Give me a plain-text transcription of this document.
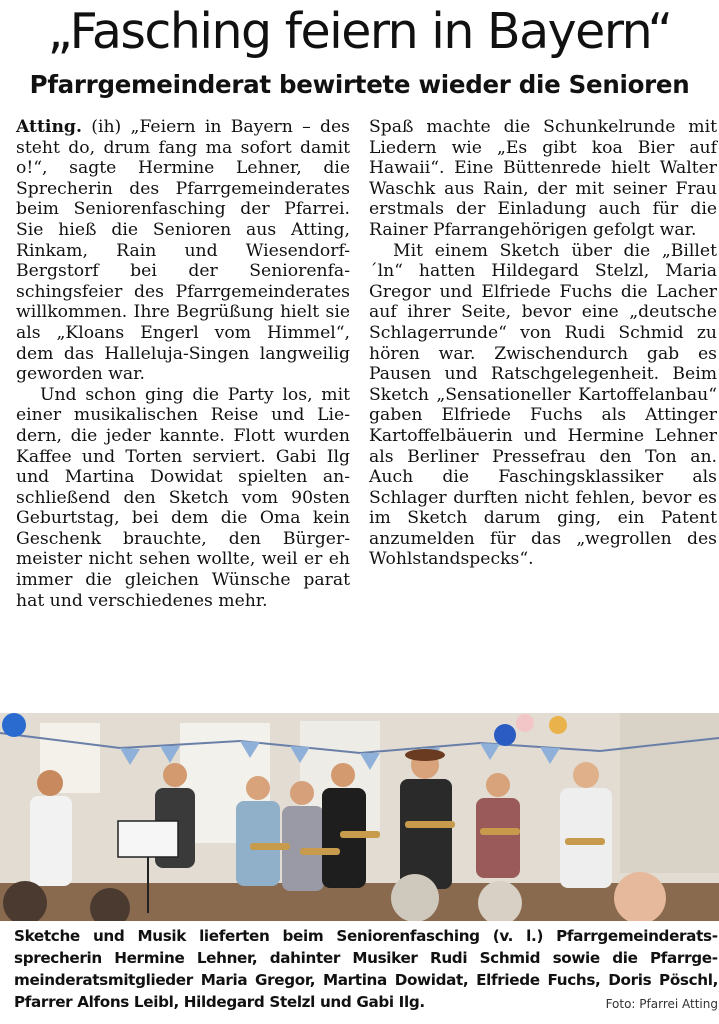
„Fasching feiern in Bayern“
Pfarrgemeinderat bewirtete wieder die Senioren

Atting. (ih) „Feiern in Bayern – des steht do, drum fang ma sofort damit o!“, sagte Hermine Lehner, die Sprecherin des Pfarrgemeinderates beim Seniorenfasching der Pfarrei. Sie hieß die Senioren aus Atting, Rinkam, Rain und Wiesendorf-Bergstorf bei der Seniorenfaschingsfeier des Pfarrgemeinderates willkommen. Ihre Begrüßung hielt sie als „Kloans Engerl vom Himmel“, dem das Halleluja-Singen langweilig geworden war.

Und schon ging die Party los, mit einer musikalischen Reise und Liedern, die jeder kannte. Flott wurden Kaffee und Torten serviert. Gabi Ilg und Martina Dowidat spielten anschließend den Sketch vom 90sten Geburtstag, bei dem die Oma kein Geschenk brauchte, den Bürgermeister nicht sehen wollte, weil er eh immer die gleichen Wünsche parat hat und verschiedenes mehr.

Spaß machte die Schunkelrunde mit Liedern wie „Es gibt koa Bier auf Hawaii“. Eine Büttenrede hielt Walter Waschk aus Rain, der mit seiner Frau erstmals der Einladung auch für die Rainer Pfarrangehörigen gefolgt war.

Mit einem Sketch über die „Billet´ln“ hatten Hildegard Stelzl, Maria Gregor und Elfriede Fuchs die Lacher auf ihrer Seite, bevor eine „deutsche Schlagerrunde“ von Rudi Schmid zu hören war. Zwischendurch gab es Pausen und Ratschgelegenheit. Beim Sketch „Sensationeller Kartoffelanbau“ gaben Elfriede Fuchs als Attinger Kartoffelbäuerin und Hermine Lehner als Berliner Pressefrau den Ton an. Auch die Faschingsklassiker als Schlager durften nicht fehlen, bevor es im Sketch darum ging, ein Patent anzumelden für das „wegrollen des Wohlstandspecks“.

Sketche und Musik lieferten beim Seniorenfasching (v. l.) Pfarrgemeinderatssprecherin Hermine Lehner, dahinter Musiker Rudi Schmid sowie die Pfarrgemeinderatsmitglieder Maria Gregor, Martina Dowidat, Elfriede Fuchs, Doris Pöschl, Pfarrer Alfons Leibl, Hildegard Stelzl und Gabi Ilg.	Foto: Pfarrei Atting
